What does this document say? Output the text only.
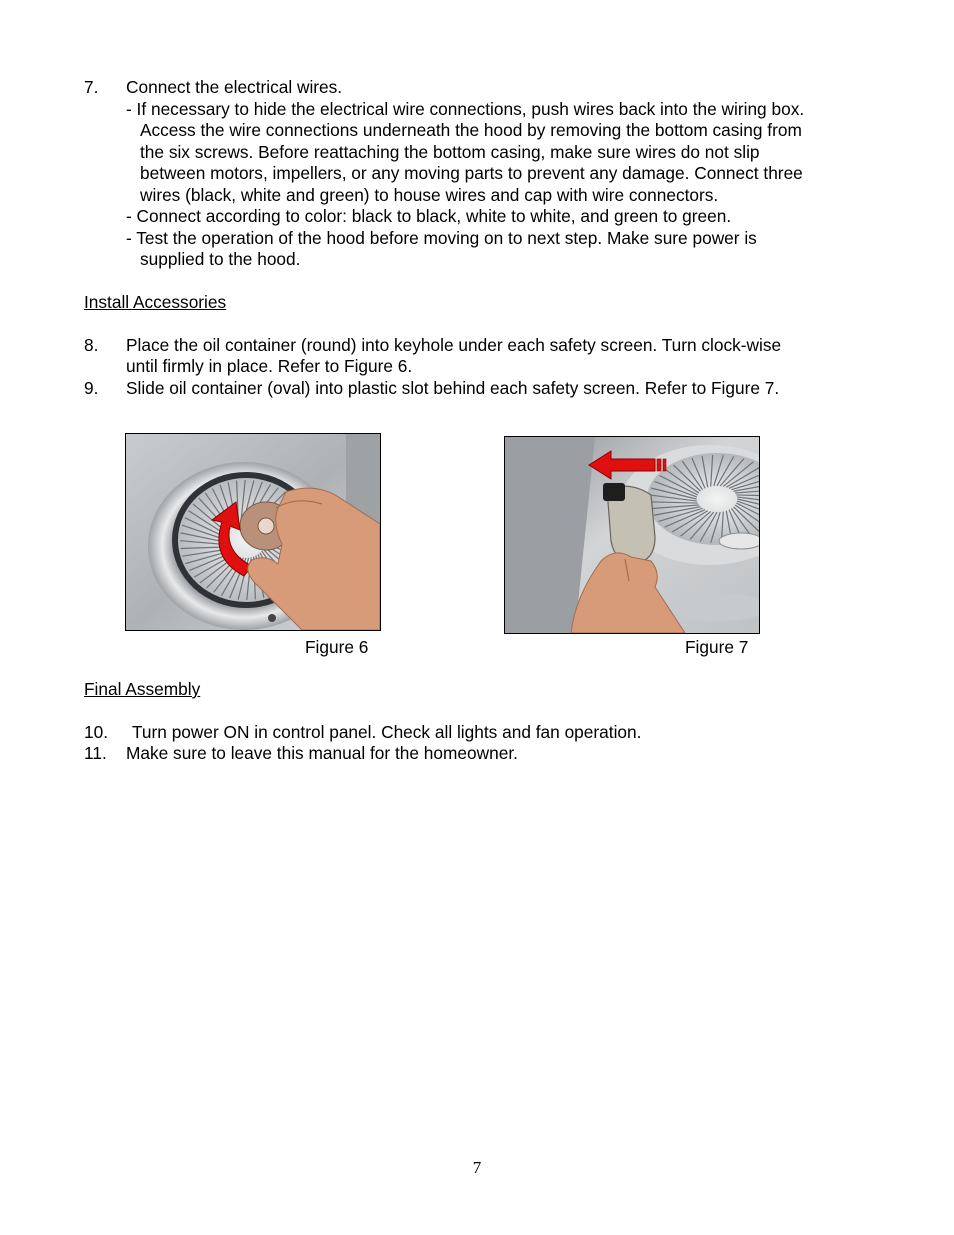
7. Connect the electrical wires.
- If necessary to hide the electrical wire connections, push wires back into the wiring box.
Access the wire connections underneath the hood by removing the bottom casing from
the six screws. Before reattaching the bottom casing, make sure wires do not slip
between motors, impellers, or any moving parts to prevent any damage. Connect three
wires (black, white and green) to house wires and cap with wire connectors.
- Connect according to color: black to black, white to white, and green to green.
- Test the operation of the hood before moving on to next step. Make sure power is
supplied to the hood.
Install Accessories
8. Place the oil container (round) into keyhole under each safety screen. Turn clock-wise
until firmly in place. Refer to Figure 6.
9. Slide oil container (oval) into plastic slot behind each safety screen. Refer to Figure 7.
Figure 6	Figure 7
Final Assembly
10. Turn power ON in control panel. Check all lights and fan operation.
11. Make sure to leave this manual for the homeowner.
7
